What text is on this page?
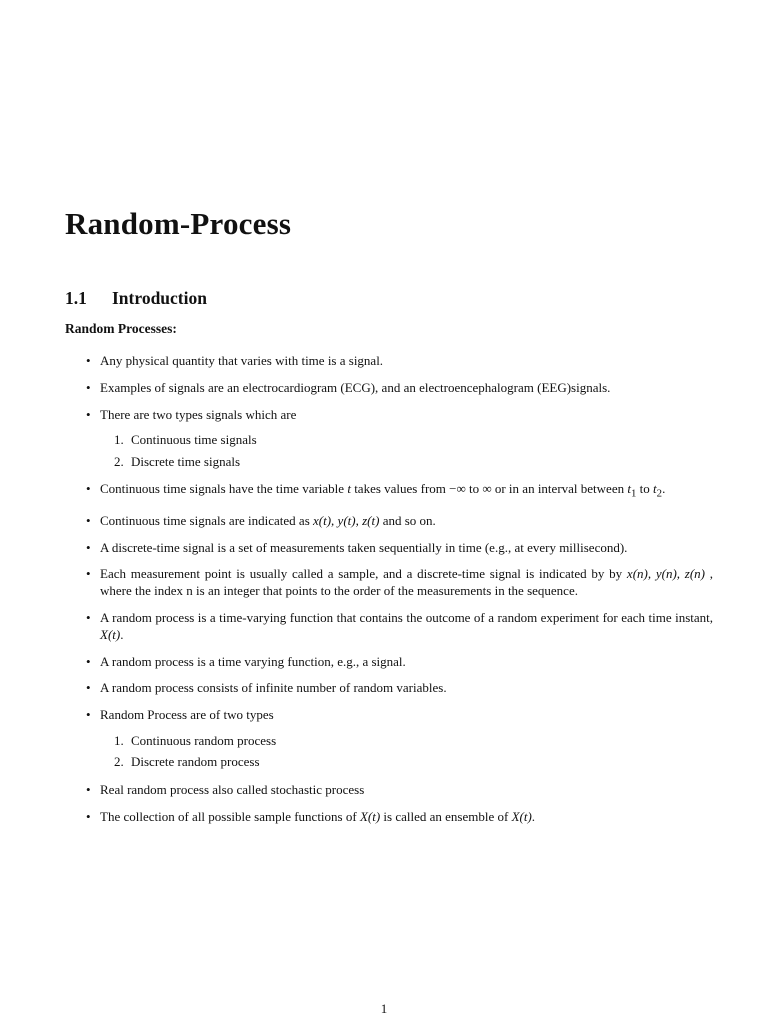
Random-Process
1.1 Introduction
Random Processes:
• Any physical quantity that varies with time is a signal.
• Examples of signals are an electrocardiogram (ECG), and an electroencephalogram (EEG)signals.
• There are two types signals which are
1. Continuous time signals
2. Discrete time signals
• Continuous time signals have the time variable t takes values from −∞ to ∞ or in an interval between $t_1$ to $t_2$.
• Continuous time signals are indicated as x(t), y(t), z(t) and so on.
• A discrete-time signal is a set of measurements taken sequentially in time (e.g., at every millisecond).
• Each measurement point is usually called a sample, and a discrete-time signal is indicated by by x(n), y(n), z(n) , where the index n is an integer that points to the order of the measurements in the sequence.
• A random process is a time-varying function that contains the outcome of a random experiment for each time instant, X(t).
• A random process is a time varying function, e.g., a signal.
• A random process consists of infinite number of random variables.
• Random Process are of two types
1. Continuous random process
2. Discrete random process
• Real random process also called stochastic process
• The collection of all possible sample functions of X(t) is called an ensemble of X(t).
1
